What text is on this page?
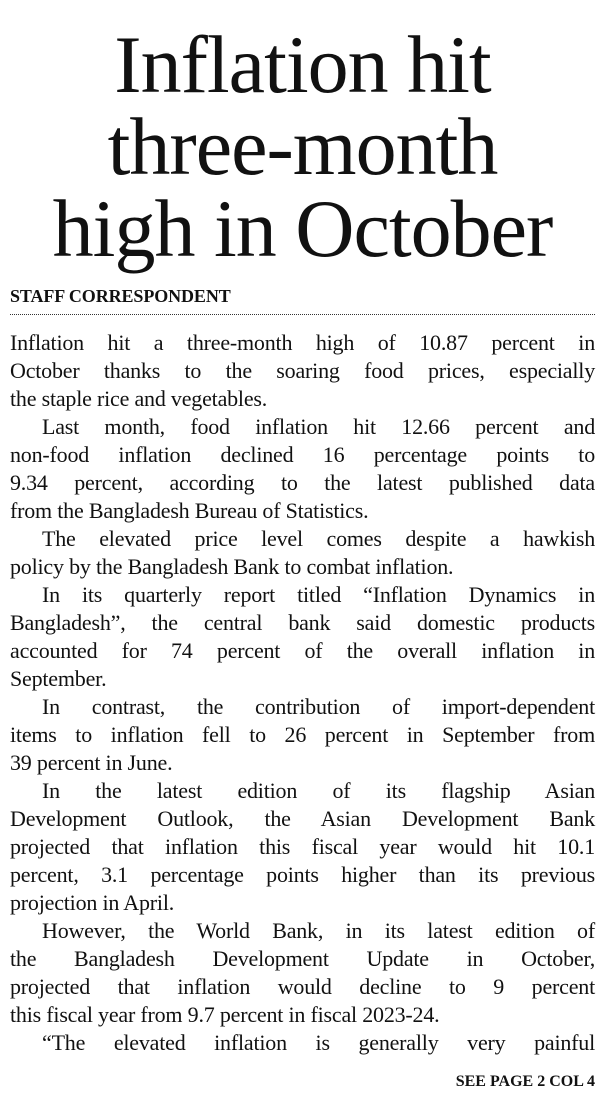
Inflation hit
three-month
high in October
STAFF CORRESPONDENT
Inflation hit a three-month high of 10.87 percent in
October thanks to the soaring food prices, especially
the staple rice and vegetables.
Last month, food inflation hit 12.66 percent and
non-food inflation declined 16 percentage points to
9.34 percent, according to the latest published data
from the Bangladesh Bureau of Statistics.
The elevated price level comes despite a hawkish
policy by the Bangladesh Bank to combat inflation.
In its quarterly report titled “Inflation Dynamics in
Bangladesh”, the central bank said domestic products
accounted for 74 percent of the overall inflation in
September.
In contrast, the contribution of import-dependent
items to inflation fell to 26 percent in September from
39 percent in June.
In the latest edition of its flagship Asian
Development Outlook, the Asian Development Bank
projected that inflation this fiscal year would hit 10.1
percent, 3.1 percentage points higher than its previous
projection in April.
However, the World Bank, in its latest edition of
the Bangladesh Development Update in October,
projected that inflation would decline to 9 percent
this fiscal year from 9.7 percent in fiscal 2023-24.
“The elevated inflation is generally very painful
SEE PAGE 2 COL 4
